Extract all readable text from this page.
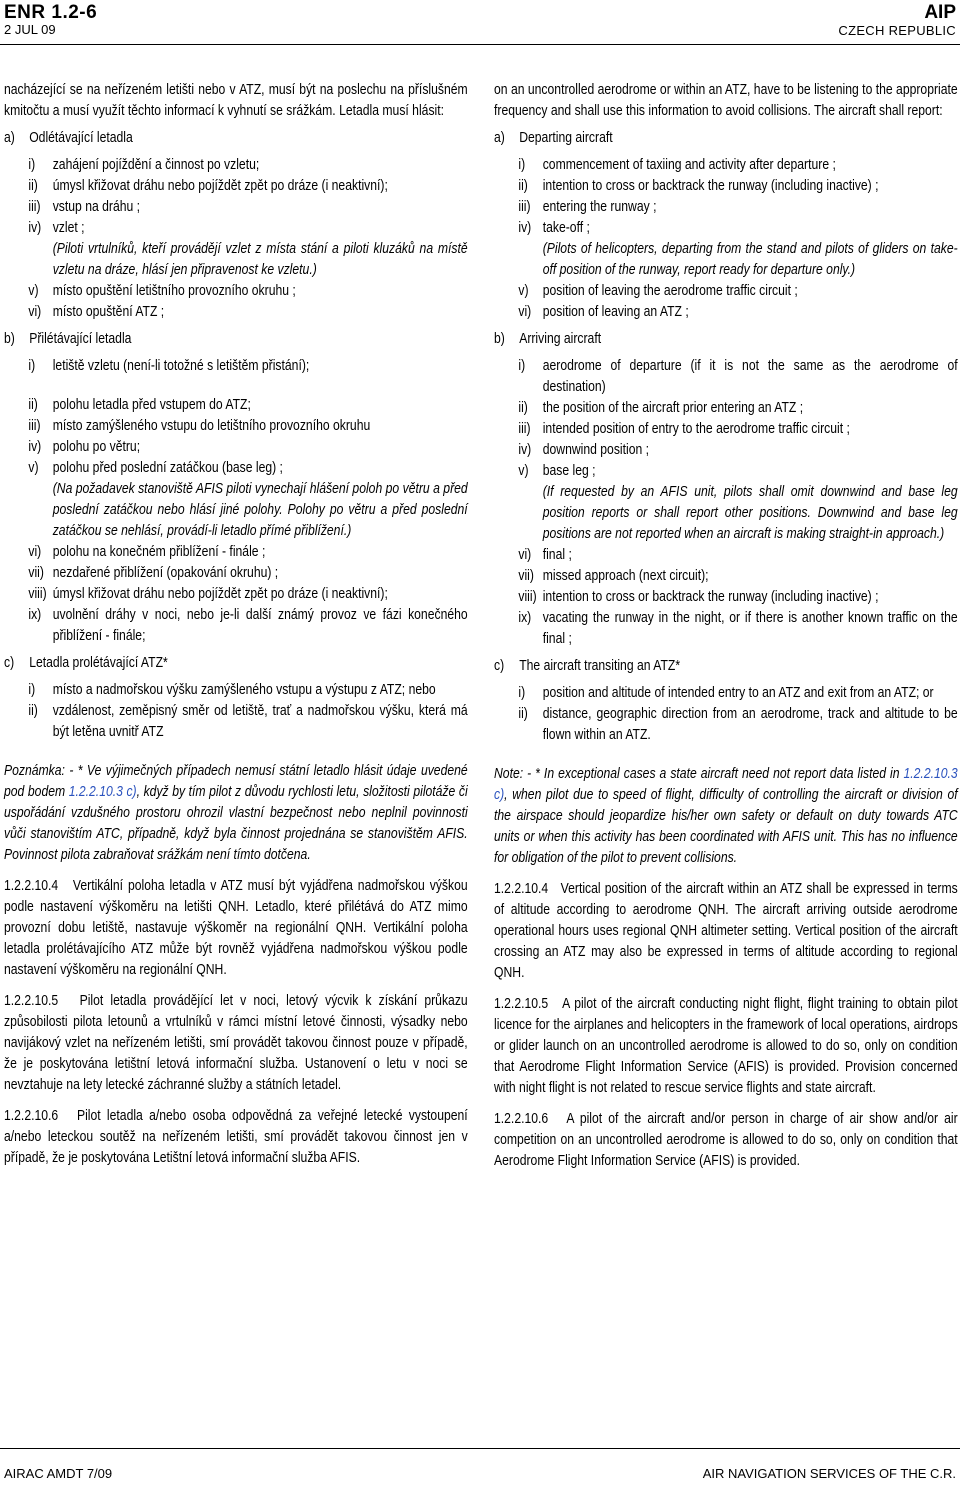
ENR 1.2-6
2 JUL 09
AIP
CZECH REPUBLIC

nacházející se na neřízeném letišti nebo v ATZ, musí být na poslechu na příslušném kmitočtu a musí využít těchto informací k vyhnutí se srážkám. Letadla musí hlásit:

a) Odlétávající letadla
i)	zahájení pojíždění a činnost po vzletu;
ii)	úmysl křižovat dráhu nebo pojíždět zpět po dráze (i neaktivní);
iii) vstup na dráhu ;
iv) vzlet ;

(Piloti vrtulníků, kteří provádějí vzlet z místa stání a piloti kluzáků na místě vzletu na dráze, hlásí jen připravenost ke vzletu.)

v) místo opuštění letištního provozního okruhu ;
vi) místo opuštění ATZ ;
b) Přilétávající letadla
i)	letiště vzletu (není-li totožné s letištěm přistání);
ii)	polohu letadla před vstupem do ATZ;
iii) místo zamýšleného vstupu do letištního provozního okruhu
iv) polohu po větru;
v) polohu před poslední zatáčkou (base leg) ;

(Na požadavek stanoviště AFIS piloti vynechají hlášení poloh po větru a před poslední zatáčkou nebo hlásí jiné polohy. Polohy po větru a před poslední zatáčkou se nehlásí, provádí-li letadlo přímé přiblížení.)

vi) polohu na konečném přiblížení - finále ;
vii) nezdařené přiblížení (opakování okruhu) ;
viii) úmysl křižovat dráhu nebo pojíždět zpět po dráze (i neaktivní);
ix) uvolnění dráhy v noci, nebo je-li další známý provoz ve fázi konečného přiblížení - finále;
c)	Letadla prolétávající ATZ*
i)	místo a nadmořskou výšku zamýšleného vstupu a výstupu z ATZ; nebo
ii)	vzdálenost, zeměpisný směr od letiště, trať a nadmořskou výšku, která má být letěna uvnitř ATZ

Poznámka: - * Ve výjimečných případech nemusí státní letadlo hlásit údaje uvedené pod bodem 1.2.2.10.3 c), když by tím pilot z důvodu rychlosti letu, složitosti pilotáže či uspořádání vzdušného prostoru ohrozil vlastní bezpečnost nebo neplnil povinnosti vůči stanovištím ATC, případně, když byla činnost projednána se stanovištěm AFIS. Povinnost pilota zabraňovat srážkám není tímto dotčena.

1.2.2.10.4 Vertikální poloha letadla v ATZ musí být vyjádřena nadmořskou výškou podle nastavení výškoměru na letišti QNH. Letadlo, které přilétává do ATZ mimo provozní dobu letiště, nastavuje výškoměr na regionální QNH. Vertikální poloha letadla prolétávajícího ATZ může být rovněž vyjádřena nadmořskou výškou podle nastavení výškoměru na regionální QNH.

1.2.2.10.5 Pilot letadla provádějící let v noci, letový výcvik k získání průkazu způsobilosti pilota letounů a vrtulníků v rámci místní letové činnosti, výsadky nebo navijákový vzlet na neřízeném letišti, smí provádět takovou činnost pouze v případě, že je poskytována letištní letová informační služba. Ustanovení o letu v noci se nevztahuje na lety letecké záchranné služby a státních letadel.

1.2.2.10.6 Pilot letadla a/nebo osoba odpovědná za veřejné letecké vystoupení a/nebo leteckou soutěž na neřízeném letišti, smí provádět takovou činnost jen v případě, že je poskytována Letištní letová informační služba AFIS.

on an uncontrolled aerodrome or within an ATZ, have to be listening to the appropriate frequency and shall use this information to avoid collisions. The aircraft shall report:

a) Departing aircraft
i)	commencement of taxiing and activity after departure ;
ii)	intention to cross or backtrack the runway (including inactive) ;
iii) entering the runway ;
iv) take-off ;

(Pilots of helicopters, departing from the stand and pilots of gliders on take-off position of the runway, report ready for departure only.)

v) position of leaving the aerodrome traffic circuit ;
vi) position of leaving an ATZ ;
b) Arriving aircraft
i)	aerodrome of departure (if it is not the same as the aerodrome of destination)
ii)	the position of the aircraft prior entering an ATZ ;
iii) intended position of entry to the aerodrome traffic circuit ;
iv) downwind position ;
v) base leg ;

(If requested by an AFIS unit, pilots shall omit downwind and base leg position reports or shall report other positions. Downwind and base leg positions are not reported when an aircraft is making straight-in approach.)

vi) final ;
vii) missed approach (next circuit);
viii) intention to cross or backtrack the runway (including inactive) ;
ix) vacating the runway in the night, or if there is another known traffic on the final ;
c)	The aircraft transiting an ATZ*
i)	position and altitude of intended entry to an ATZ and exit from an ATZ; or
ii)	distance, geographic direction from an aerodrome, track and altitude to be flown within an ATZ.

Note: - * In exceptional cases a state aircraft need not report data listed in 1.2.2.10.3 c), when pilot due to speed of flight, difficulty of controlling the aircraft or division of the airspace should jeopardize his/her own safety or default on duty towards ATC units or when this activity has been coordinated with AFIS unit. This has no influence for obligation of the pilot to prevent collisions.

1.2.2.10.4 Vertical position of the aircraft within an ATZ shall be expressed in terms of altitude according to aerodrome QNH. The aircraft arriving outside aerodrome operational hours uses regional QNH altimeter setting. Vertical position of the aircraft crossing an ATZ may also be expressed in terms of altitude according to regional QNH.

1.2.2.10.5 A pilot of the aircraft conducting night flight, flight training to obtain pilot licence for the airplanes and helicopters in the framework of local operations, airdrops or glider launch on an uncontrolled aerodrome is allowed to do so, only on condition that Aerodrome Flight Information Service (AFIS) is provided. Provision concerned with night flight is not related to rescue service flights and state aircraft.

1.2.2.10.6 A pilot of the aircraft and/or person in charge of air show and/or air competition on an uncontrolled aerodrome is allowed to do so, only on condition that Aerodrome Flight Information Service (AFIS) is provided.

AIRAC AMDT 7/09	AIR NAVIGATION SERVICES OF THE C.R.
